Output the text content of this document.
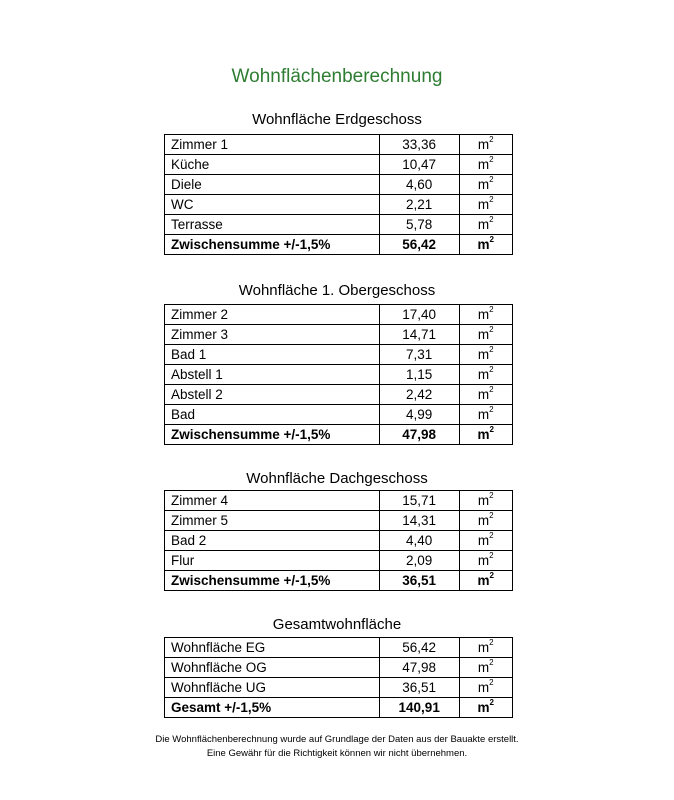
Wohnflächenberechnung
Wohnfläche Erdgeschoss
Zimmer 1	33,36	$m^2$
Küche	10,47	$m^2$
Diele	4,60	$m^2$
WC	2,21	$m^2$
Terrasse	5,78	$m^2$
Zwischensumme +/-1,5%	56,42	$m^2$
Wohnfläche 1. Obergeschoss
Zimmer 2	17,40	$m^2$
Zimmer 3	14,71	$m^2$
Bad 1	7,31	$m^2$
Abstell 1	1,15	$m^2$
Abstell 2	2,42	$m^2$
Bad	4,99	$m^2$
Zwischensumme +/-1,5%	47,98	$m^2$
Wohnfläche Dachgeschoss
Zimmer 4	15,71	$m^2$
Zimmer 5	14,31	$m^2$
Bad 2	4,40	$m^2$
Flur	2,09	$m^2$
Zwischensumme +/-1,5%	36,51	$m^2$
Gesamtwohnfläche
Wohnfläche EG	56,42	$m^2$
Wohnfläche OG	47,98	$m^2$
Wohnfläche UG	36,51	$m^2$
Gesamt +/-1,5%	140,91	$m^2$
Die Wohnflächenberechnung wurde auf Grundlage der Daten aus der Bauakte erstellt.
Eine Gewähr für die Richtigkeit können wir nicht übernehmen.
